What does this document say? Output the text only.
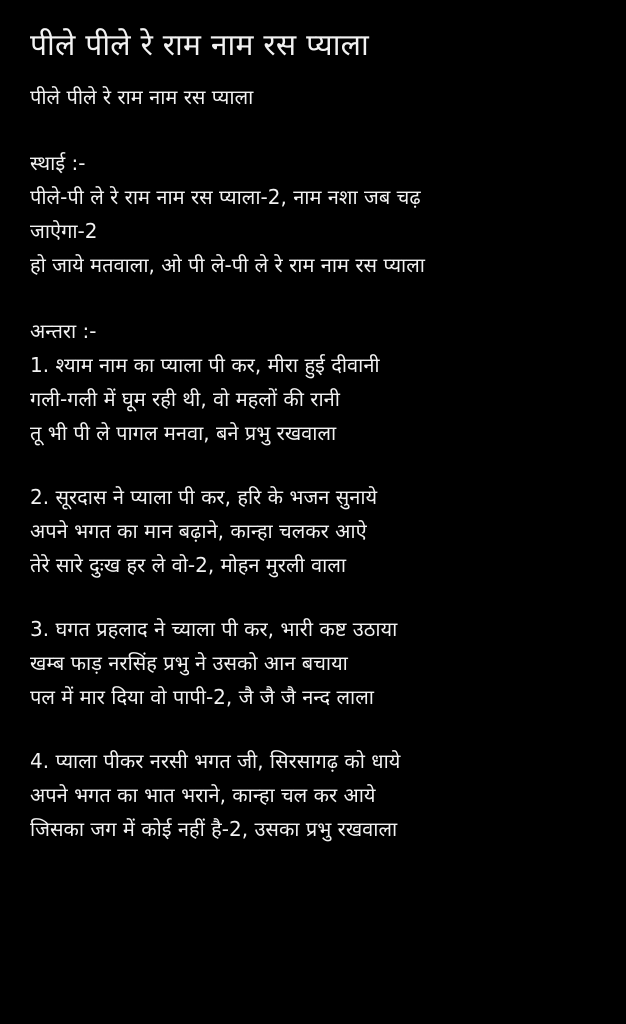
पीले पीले रे राम नाम रस प्याला
पीले पीले रे राम नाम रस प्याला
स्थाई :-
पीले-पी ले रे राम नाम रस प्याला-2, नाम नशा जब चढ़
जाऐगा-2
हो जाये मतवाला, ओ पी ले-पी ले रे राम नाम रस प्याला
अन्तरा :-
1. श्याम नाम का प्याला पी कर, मीरा हुई दीवानी
गली-गली में घूम रही थी, वो महलों की रानी
तू भी पी ले पागल मनवा, बने प्रभु रखवाला
2. सूरदास ने प्याला पी कर, हरि के भजन सुनाये
अपने भगत का मान बढ़ाने, कान्हा चलकर आऐ
तेरे सारे दुःख हर ले वो-2, मोहन मुरली वाला
3. घगत प्रहलाद ने च्याला पी कर, भारी कष्ट उठाया
खम्ब फाड़ नरसिंह प्रभु ने उसको आन बचाया
पल में मार दिया वो पापी-2, जै जै जै नन्द लाला
4. प्याला पीकर नरसी भगत जी, सिरसागढ़ को धाये
अपने भगत का भात भराने, कान्हा चल कर आये
जिसका जग में कोई नहीं है-2, उसका प्रभु रखवाला
